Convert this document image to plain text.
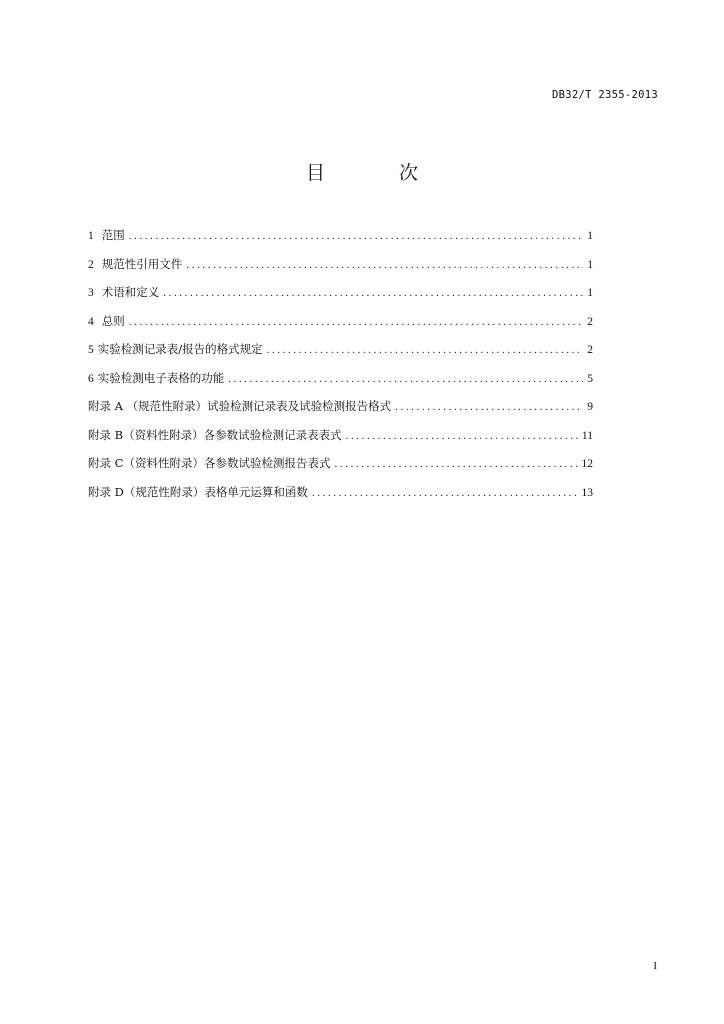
DB32/T 2355-2013
目 次
1 范围 .....	1
2 规范性引用文件 .....	1
3 术语和定义 .....	1
4 总则 .....	2
5 实验检测记录表/报告的格式规定 .....	2
6 实验检测电子表格的功能 .....	5
附录 A （规范性附录）试验检测记录表及试验检测报告格式 .....	9
附录 B（资料性附录）各参数试验检测记录表表式 .....	11
附录 C（资料性附录）各参数试验检测报告表式 .....	12
附录 D（规范性附录）表格单元运算和函数 .....	13
I
